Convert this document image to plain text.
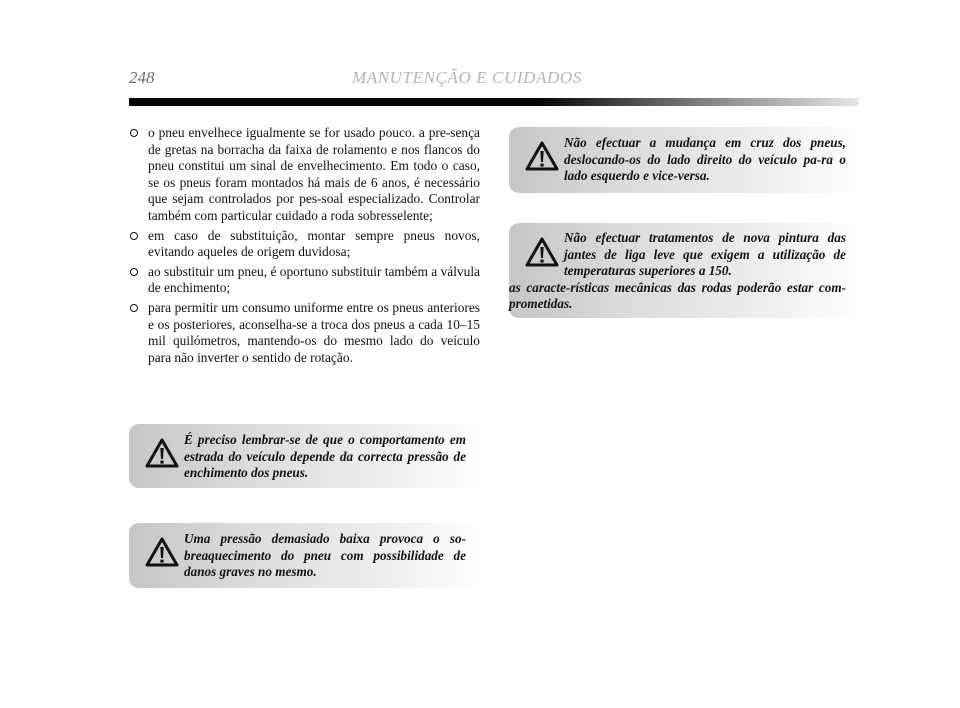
248	MANUTENÇÃO E CUIDADOS
o pneu envelhece igualmente se for usado pouco. a pre-sença de gretas na borracha da faixa de rolamento e nos flancos do pneu constitui um sinal de envelhecimento. Em todo o caso, se os pneus foram montados há mais de 6 anos, é necessário que sejam controlados por pes-soal especializado. Controlar também com particular cuidado a roda sobresselente;
em caso de substituição, montar sempre pneus novos, evitando aqueles de origem duvidosa;
ao substituir um pneu, é oportuno substituir também a válvula de enchimento;
para permitir um consumo uniforme entre os pneus anteriores e os posteriores, aconselha-se a troca dos pneus a cada 10–15 mil quilómetros, mantendo-os do mesmo lado do veículo para não inverter o sentido de rotação.

É preciso lembrar-se de que o comportamento em estrada do veículo depende da correcta pressão de enchimento dos pneus.

Uma pressão demasiado baixa provoca o so-breaquecimento do pneu com possibilidade de danos graves no mesmo.

Não efectuar a mudança em cruz dos pneus, deslocando-os do lado direito do veículo pa-ra o lado esquerdo e vice-versa.

Não efectuar tratamentos de nova pintura das jantes de liga leve que exigem a utilização de temperaturas superiores a 150.
as caracte-rísticas mecânicas das rodas poderão estar com-prometidas.
